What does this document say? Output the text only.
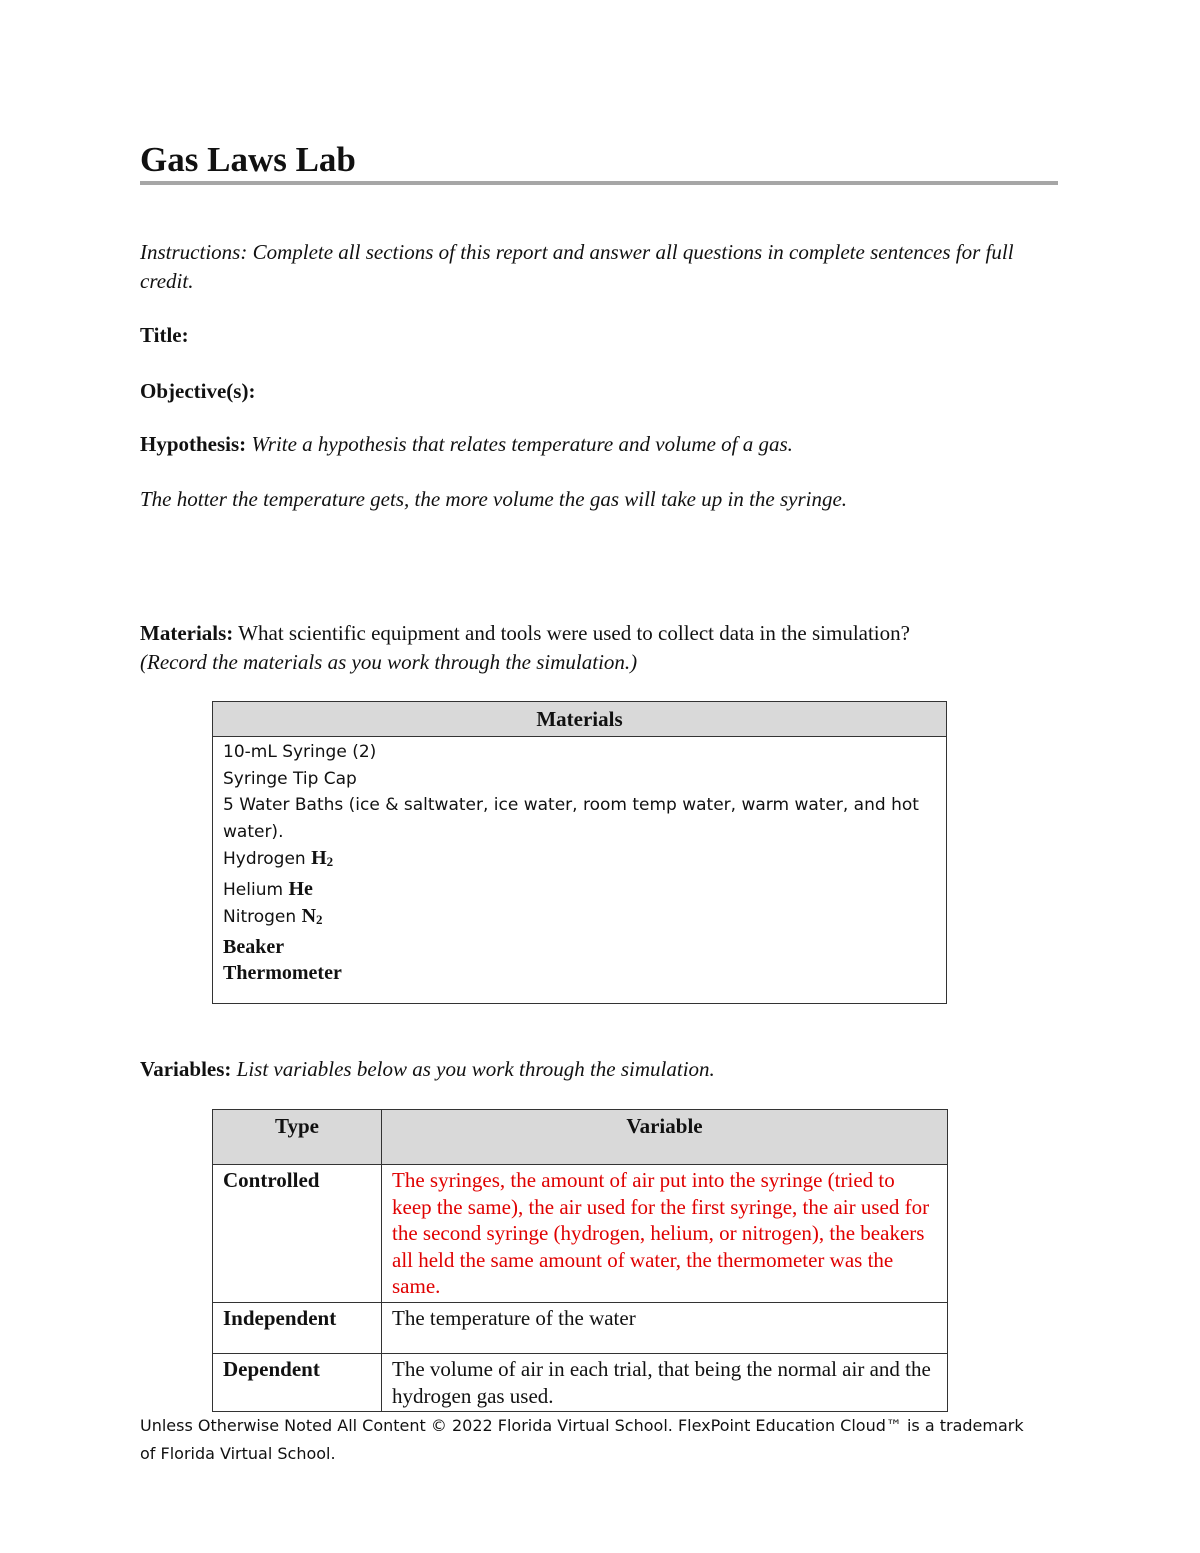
Gas Laws Lab
Instructions: Complete all sections of this report and answer all questions in complete sentences for full credit.
Title:
Objective(s):
Hypothesis: Write a hypothesis that relates temperature and volume of a gas.
The hotter the temperature gets, the more volume the gas will take up in the syringe.
Materials: What scientific equipment and tools were used to collect data in the simulation?
(Record the materials as you work through the simulation.)
Materials

10-mL Syringe (2)
Syringe Tip Cap
5 Water Baths (ice & saltwater, ice water, room temp water, warm water, and hot water).
Hydrogen $H_2$
Helium He
Nitrogen $N_2$
Beaker
Thermometer
Variables: List variables below as you work through the simulation.
Type	Variable
Controlled	The syringes, the amount of air put into the syringe (tried to keep the same), the air used for the first syringe, the air used for the second syringe (hydrogen, helium, or nitrogen), the beakers all held the same amount of water, the thermometer was the same.
Independent	The temperature of the water
Dependent	The volume of air in each trial, that being the normal air and the hydrogen gas used.
Unless Otherwise Noted All Content © 2022 Florida Virtual School. FlexPoint Education Cloud™ is a trademark of Florida Virtual School.
